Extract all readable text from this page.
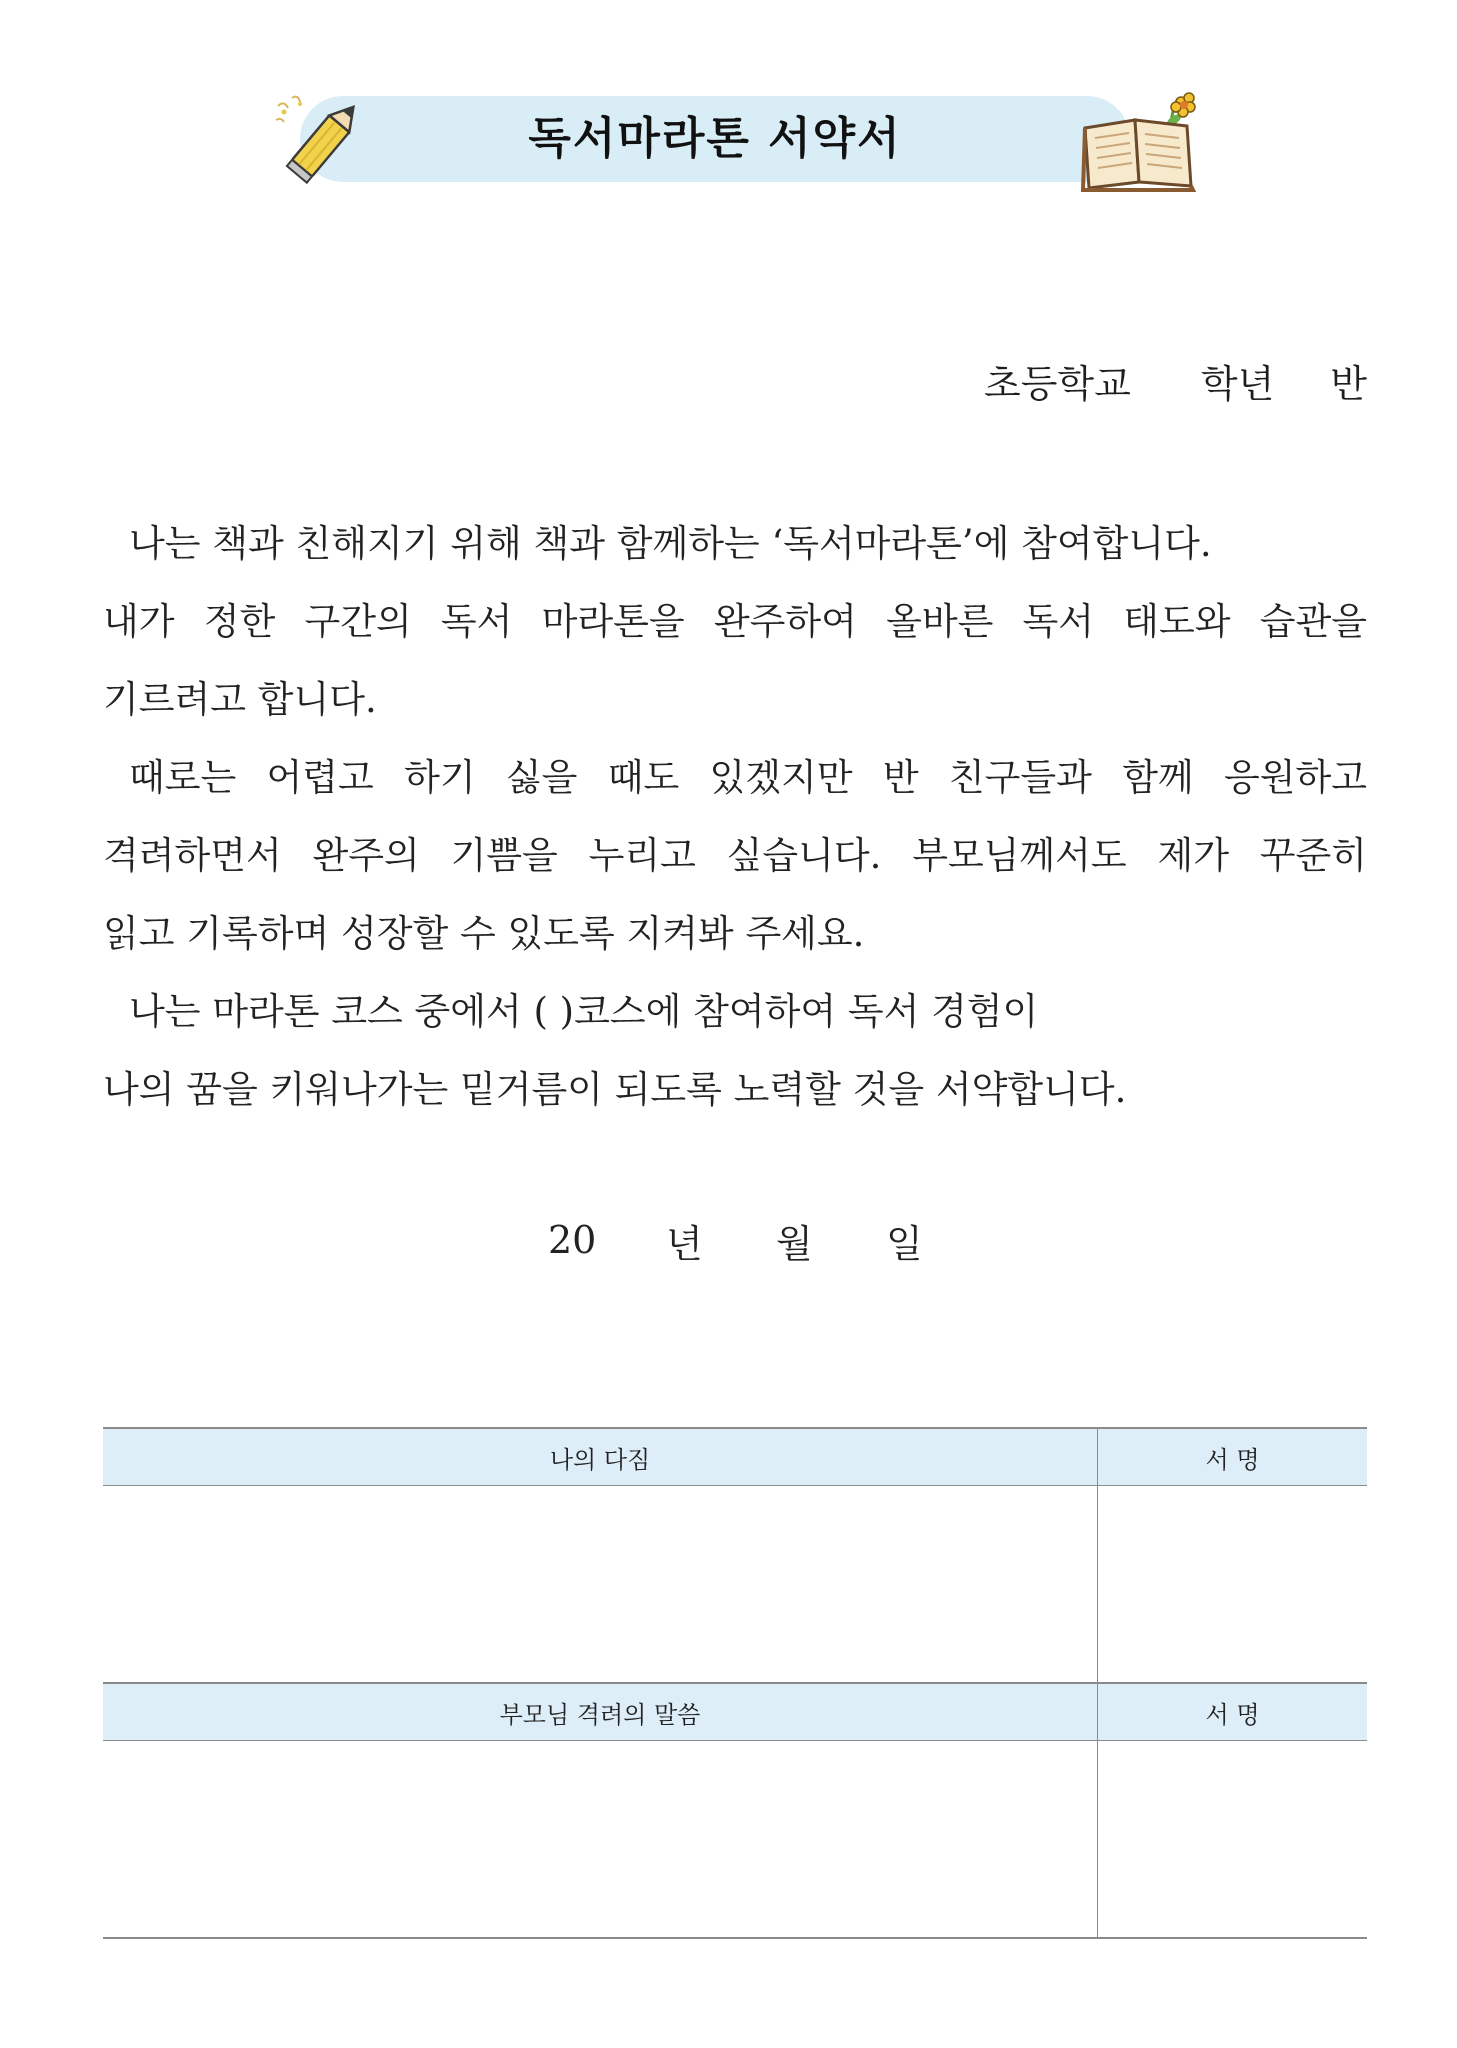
독서마라톤 서약서
초등학교 학년 반
나는 책과 친해지기 위해 책과 함께하는 ‘독서마라톤’에 참여합니다.
내가 정한 구간의 독서 마라톤을 완주하여 올바른 독서 태도와 습관을
기르려고 합니다.
때로는 어렵고 하기 싫을 때도 있겠지만 반 친구들과 함께 응원하고
격려하면서 완주의 기쁨을 누리고 싶습니다. 부모님께서도 제가 꾸준히
읽고 기록하며 성장할 수 있도록 지켜봐 주세요.
나는 마라톤 코스 중에서 ( )코스에 참여하여 독서 경험이
나의 꿈을 키워나가는 밑거름이 되도록 노력할 것을 서약합니다.
20	년	월	일
나의 다짐	서 명

부모님 격려의 말씀	서 명
